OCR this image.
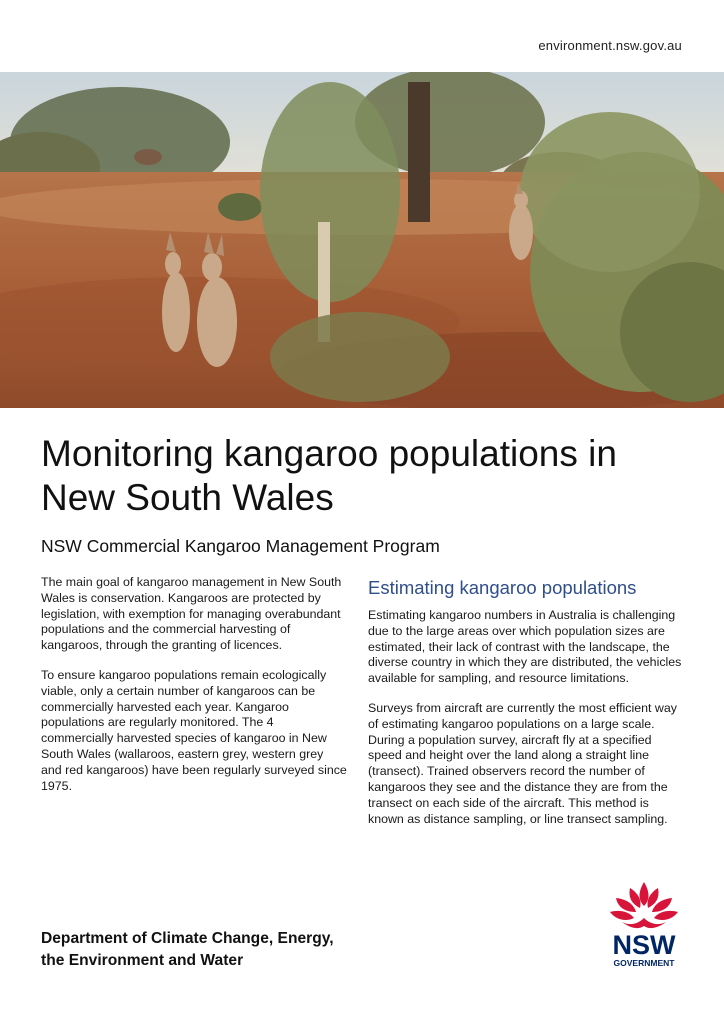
environment.nsw.gov.au
Monitoring kangaroo populations in New South Wales
NSW Commercial Kangaroo Management Program

The main goal of kangaroo management in New South Wales is conservation. Kangaroos are protected by legislation, with exemption for managing overabundant populations and the commercial harvesting of kangaroos, through the granting of licences.

To ensure kangaroo populations remain ecologically viable, only a certain number of kangaroos can be commercially harvested each year. Kangaroo populations are regularly monitored. The 4 commercially harvested species of kangaroo in New South Wales (wallaroos, eastern grey, western grey and red kangaroos) have been regularly surveyed since 1975.

Estimating kangaroo populations

Estimating kangaroo numbers in Australia is challenging due to the large areas over which population sizes are estimated, their lack of contrast with the landscape, the diverse country in which they are distributed, the vehicles available for sampling, and resource limitations.

Surveys from aircraft are currently the most efficient way of estimating kangaroo populations on a large scale. During a population survey, aircraft fly at a specified speed and height over the land along a straight line (transect). Trained observers record the number of kangaroos they see and the distance they are from the transect on each side of the aircraft. This method is known as distance sampling, or line transect sampling.

Department of Climate Change, Energy, the Environment and Water
NSW
GOVERNMENT
